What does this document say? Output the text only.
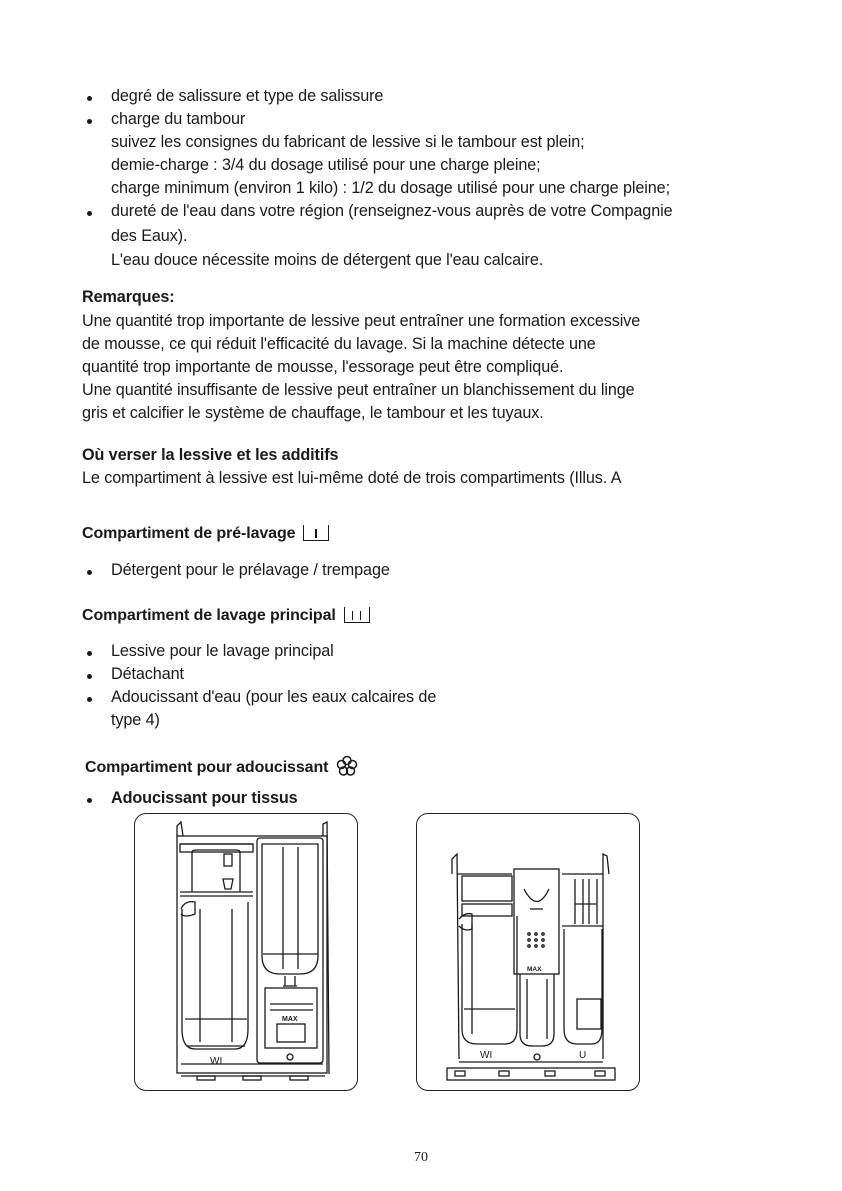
degré de salissure et type de salissure
charge du tambour
suivez les consignes du fabricant de lessive si le tambour est plein;
demie-charge : 3/4 du dosage utilisé pour une charge pleine;
charge minimum (environ 1 kilo) : 1/2 du dosage utilisé pour une charge pleine;
dureté de l'eau dans votre région (renseignez-vous auprès de votre Compagnie
des Eaux).
L'eau douce nécessite moins de détergent que l'eau calcaire.
Remarques:
Une quantité trop importante de lessive peut entraîner une formation excessive
de mousse, ce qui réduit l'efficacité du lavage. Si la machine détecte une
quantité trop importante de mousse, l'essorage peut être compliqué.
Une quantité insuffisante de lessive peut entraîner un blanchissement du linge
gris et calcifier le système de chauffage, le tambour et les tuyaux.
Où verser la lessive et les additifs
Le compartiment à lessive est lui-même doté de trois compartiments (Illus. A
Compartiment de pré-lavage
Détergent pour le prélavage / trempage
Compartiment de lavage principal
Lessive pour le lavage principal
Détachant
Adoucissant d'eau (pour les eaux calcaires de
type 4)
Compartiment pour adoucissant
Adoucissant pour tissus
WI
MAX
WI
MAX
U
70
